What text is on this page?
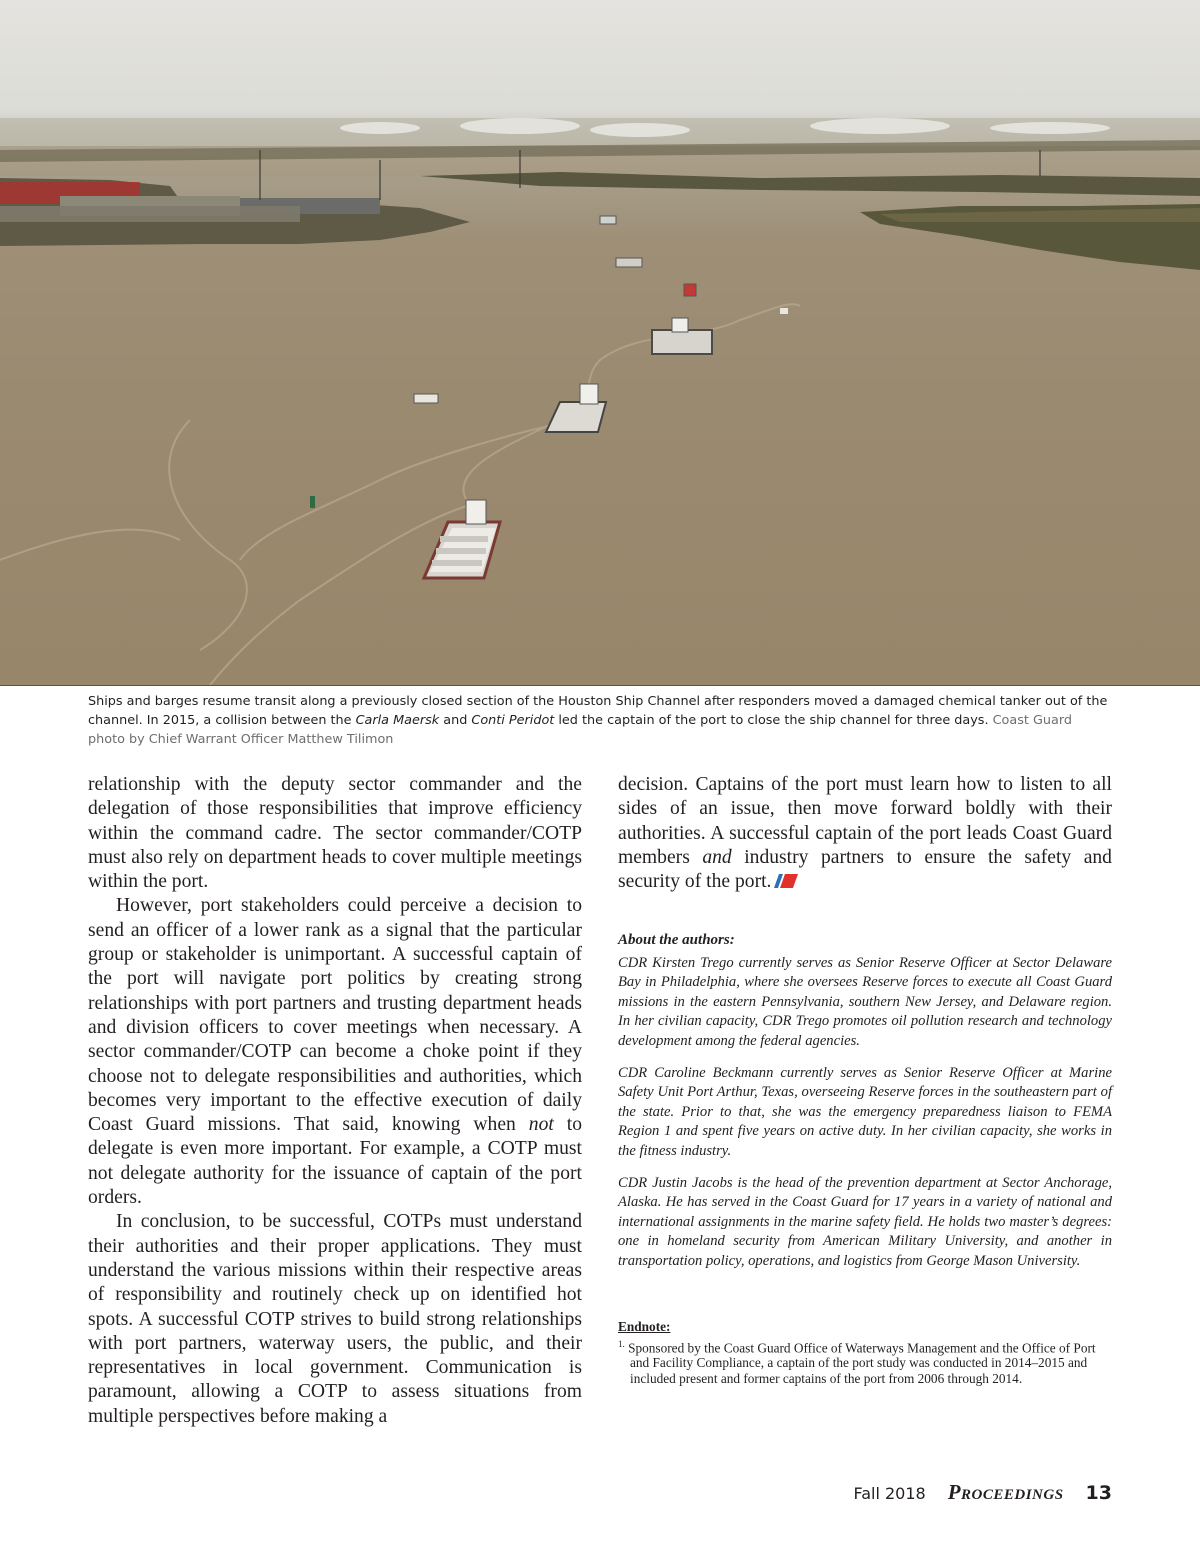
Ships and barges resume transit along a previously closed section of the Houston Ship Channel after responders moved a damaged chemical tanker out of the channel. In 2015, a collision between the Carla Maersk and Conti Peridot led the captain of the port to close the ship channel for three days. Coast Guard photo by Chief Warrant Officer Matthew Tilimon

relationship with the deputy sector commander and the delegation of those responsibilities that improve efficiency within the command cadre. The sector commander/COTP must also rely on department heads to cover multiple meetings within the port.

However, port stakeholders could perceive a decision to send an officer of a lower rank as a signal that the particular group or stakeholder is unimportant. A successful captain of the port will navigate port politics by creating strong relationships with port partners and trusting department heads and division officers to cover meetings when necessary. A sector commander/COTP can become a choke point if they choose not to delegate responsibilities and authorities, which becomes very important to the effective execution of daily Coast Guard missions. That said, knowing when not to delegate is even more important. For example, a COTP must not delegate authority for the issuance of captain of the port orders.

In conclusion, to be successful, COTPs must understand their authorities and their proper applications. They must understand the various missions within their respective areas of responsibility and routinely check up on identified hot spots. A successful COTP strives to build strong relationships with port partners, waterway users, the public, and their representatives in local government. Communication is paramount, allowing a COTP to assess situations from multiple perspectives before making a

decision. Captains of the port must learn how to listen to all sides of an issue, then move forward boldly with their authorities. A successful captain of the port leads Coast Guard members and industry partners to ensure the safety and security of the port.

About the authors:

CDR Kirsten Trego currently serves as Senior Reserve Officer at Sector Delaware Bay in Philadelphia, where she oversees Reserve forces to execute all Coast Guard missions in the eastern Pennsylvania, southern New Jersey, and Delaware region. In her civilian capacity, CDR Trego promotes oil pollution research and technology development among the federal agencies.

CDR Caroline Beckmann currently serves as Senior Reserve Officer at Marine Safety Unit Port Arthur, Texas, overseeing Reserve forces in the southeastern part of the state. Prior to that, she was the emergency preparedness liaison to FEMA Region 1 and spent five years on active duty. In her civilian capacity, she works in the fitness industry.

CDR Justin Jacobs is the head of the prevention department at Sector Anchorage, Alaska. He has served in the Coast Guard for 17 years in a variety of national and international assignments in the marine safety field. He holds two master’s degrees: one in homeland security from American Military University, and another in transportation policy, operations, and logistics from George Mason University.

Endnote:

$^{1.}$ Sponsored by the Coast Guard Office of Waterways Management and the Office of Port and Facility Compliance, a captain of the port study was conducted in 2014–2015 and included present and former captains of the port from 2006 through 2014.

Fall 2018 Proceedings 13
